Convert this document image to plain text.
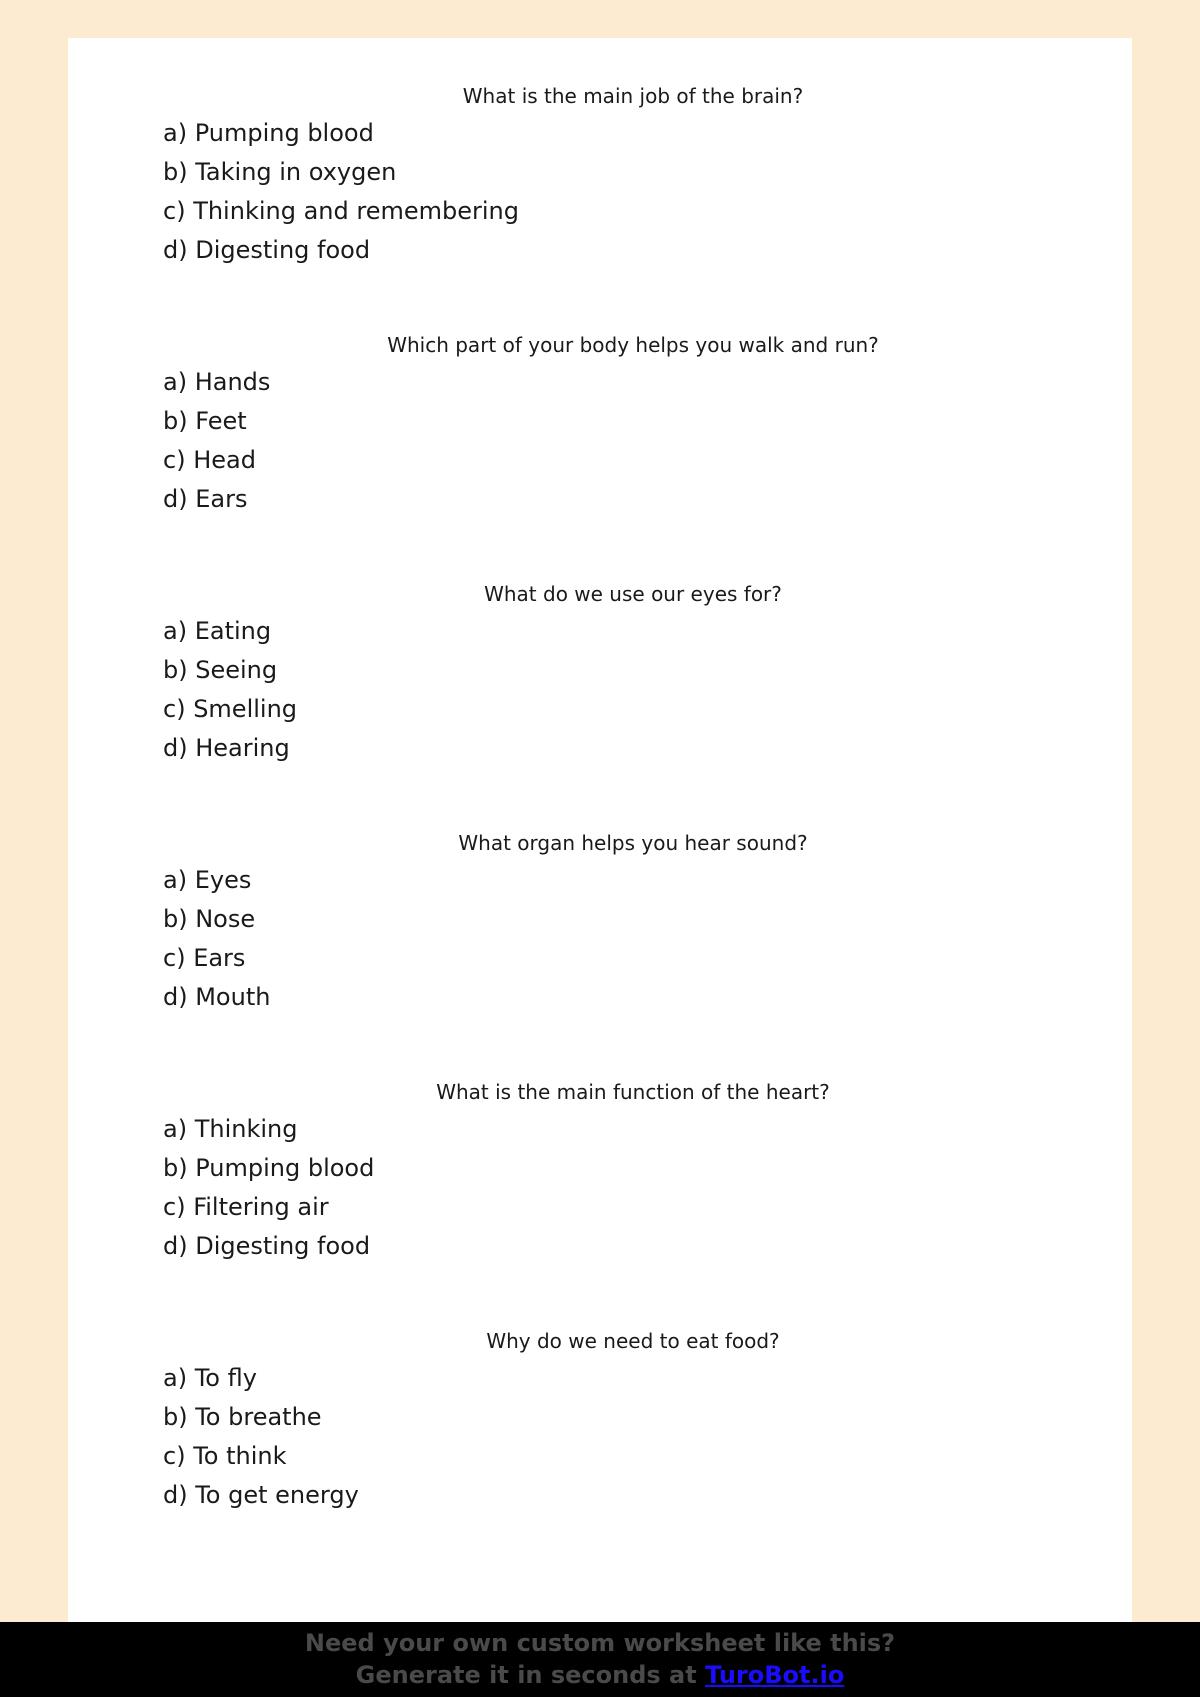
What is the main job of the brain?

a) Pumping blood
b) Taking in oxygen
c) Thinking and remembering
d) Digesting food

Which part of your body helps you walk and run?

a) Hands
b) Feet
c) Head
d) Ears

What do we use our eyes for?

a) Eating
b) Seeing
c) Smelling
d) Hearing

What organ helps you hear sound?

a) Eyes
b) Nose
c) Ears
d) Mouth

What is the main function of the heart?

a) Thinking
b) Pumping blood
c) Filtering air
d) Digesting food

Why do we need to eat food?

a) To fly
b) To breathe
c) To think
d) To get energy
Need your own custom worksheet like this?
Generate it in seconds at TuroBot.io
